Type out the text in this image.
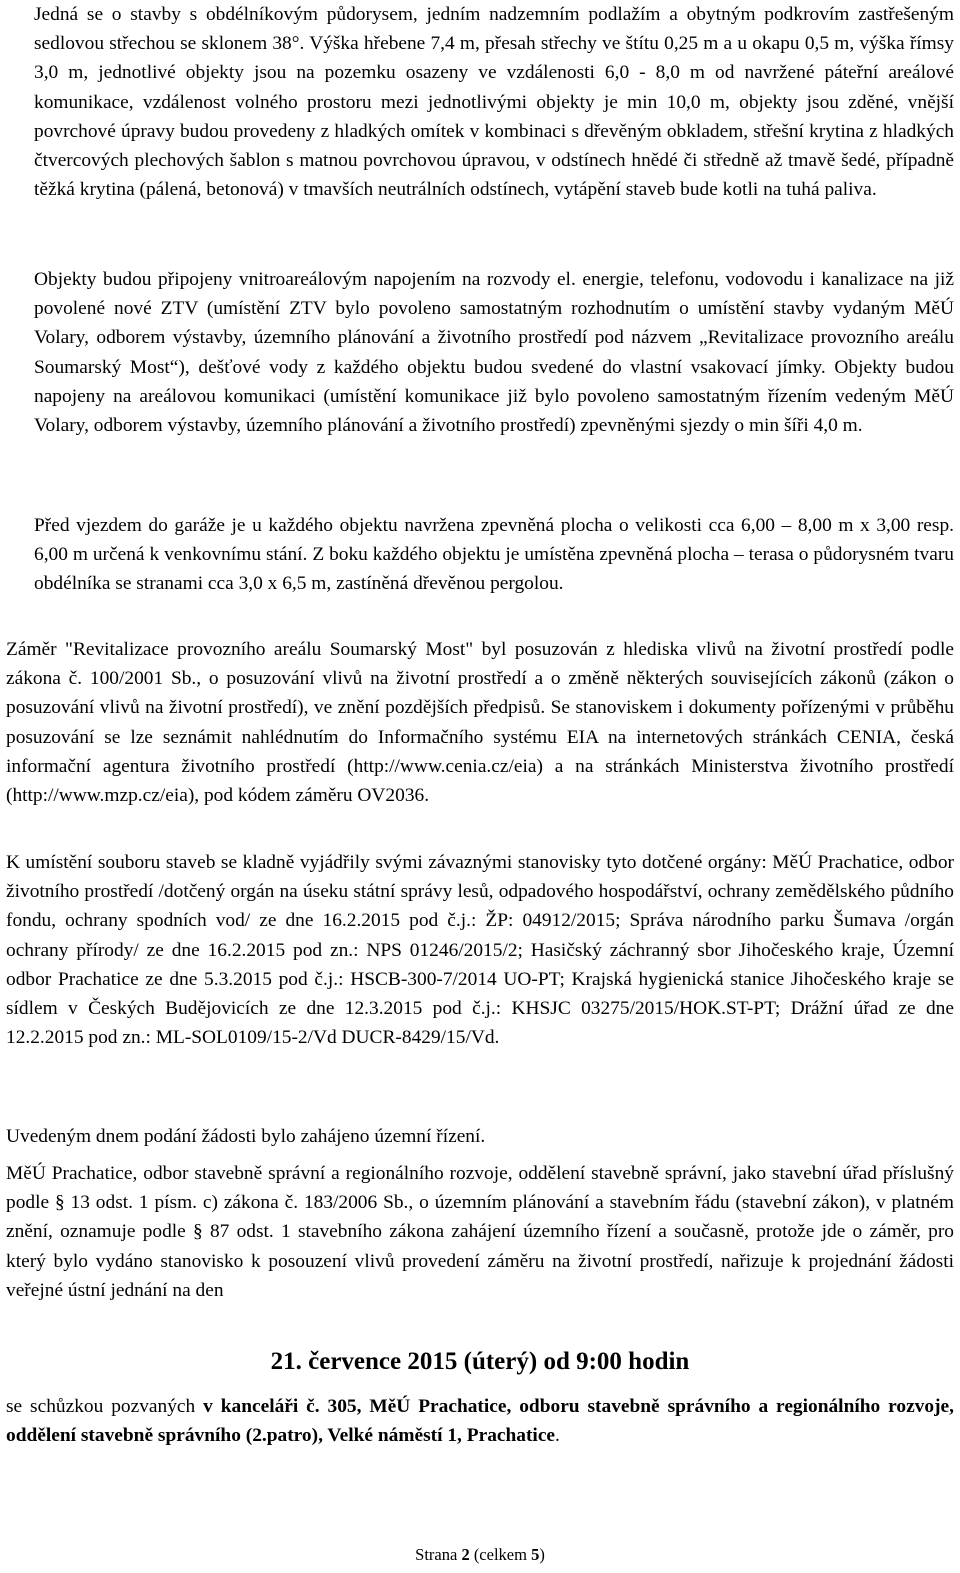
Jedná se o stavby s obdélníkovým půdorysem, jedním nadzemním podlažím a obytným podkrovím zastřešeným sedlovou střechou se sklonem 38°. Výška hřebene 7,4 m, přesah střechy ve štítu 0,25 m a u okapu 0,5 m, výška římsy 3,0 m, jednotlivé objekty jsou na pozemku osazeny ve vzdálenosti 6,0 - 8,0 m od navržené páteřní areálové komunikace, vzdálenost volného prostoru mezi jednotlivými objekty je min 10,0 m, objekty jsou zděné, vnější povrchové úpravy budou provedeny z hladkých omítek v kombinaci s dřevěným obkladem, střešní krytina z hladkých čtvercových plechových šablon s matnou povrchovou úpravou, v odstínech hnědé či středně až tmavě šedé, případně těžká krytina (pálená, betonová) v tmavších neutrálních odstínech, vytápění staveb bude kotli na tuhá paliva.

Objekty budou připojeny vnitroareálovým napojením na rozvody el. energie, telefonu, vodovodu i kanalizace na již povolené nové ZTV (umístění ZTV bylo povoleno samostatným rozhodnutím o umístění stavby vydaným MěÚ Volary, odborem výstavby, územního plánování a životního prostředí pod názvem „Revitalizace provozního areálu Soumarský Most“), dešťové vody z každého objektu budou svedené do vlastní vsakovací jímky. Objekty budou napojeny na areálovou komunikaci (umístění komunikace již bylo povoleno samostatným řízením vedeným MěÚ Volary, odborem výstavby, územního plánování a životního prostředí) zpevněnými sjezdy o min šíři 4,0 m.

Před vjezdem do garáže je u každého objektu navržena zpevněná plocha o velikosti cca 6,00 – 8,00 m x 3,00 resp. 6,00 m určená k venkovnímu stání. Z boku každého objektu je umístěna zpevněná plocha – terasa o půdorysném tvaru obdélníka se stranami cca 3,0 x 6,5 m, zastíněná dřevěnou pergolou.

Záměr "Revitalizace provozního areálu Soumarský Most" byl posuzován z hlediska vlivů na životní prostředí podle zákona č. 100/2001 Sb., o posuzování vlivů na životní prostředí a o změně některých souvisejících zákonů (zákon o posuzování vlivů na životní prostředí), ve znění pozdějších předpisů. Se stanoviskem i dokumenty pořízenými v průběhu posuzování se lze seznámit nahlédnutím do Informačního systému EIA na internetových stránkách CENIA, česká informační agentura životního prostředí (http://www.cenia.cz/eia) a na stránkách Ministerstva životního prostředí (http://www.mzp.cz/eia), pod kódem záměru OV2036.

K umístění souboru staveb se kladně vyjádřily svými závaznými stanovisky tyto dotčené orgány: MěÚ Prachatice, odbor životního prostředí /dotčený orgán na úseku státní správy lesů, odpadového hospodářství, ochrany zemědělského půdního fondu, ochrany spodních vod/ ze dne 16.2.2015 pod č.j.: ŽP: 04912/2015; Správa národního parku Šumava /orgán ochrany přírody/ ze dne 16.2.2015 pod zn.: NPS 01246/2015/2; Hasičský záchranný sbor Jihočeského kraje, Územní odbor Prachatice ze dne 5.3.2015 pod č.j.: HSCB-300-7/2014 UO-PT; Krajská hygienická stanice Jihočeského kraje se sídlem v Českých Budějovicích ze dne 12.3.2015 pod č.j.: KHSJC 03275/2015/HOK.ST-PT; Drážní úřad ze dne 12.2.2015 pod zn.: ML-SOL0109/15-2/Vd DUCR-8429/15/Vd.

Uvedeným dnem podání žádosti bylo zahájeno územní řízení.

MěÚ Prachatice, odbor stavebně správní a regionálního rozvoje, oddělení stavebně správní, jako stavební úřad příslušný podle § 13 odst. 1 písm. c) zákona č. 183/2006 Sb., o územním plánování a stavebním řádu (stavební zákon), v platném znění, oznamuje podle § 87 odst. 1 stavebního zákona zahájení územního řízení a současně, protože jde o záměr, pro který bylo vydáno stanovisko k posouzení vlivů provedení záměru na životní prostředí, nařizuje k projednání žádosti veřejné ústní jednání na den

21. července 2015 (úterý) od 9:00 hodin

se schůzkou pozvaných v kanceláři č. 305, MěÚ Prachatice, odboru stavebně správního a regionálního rozvoje, oddělení stavebně správního (2.patro), Velké náměstí 1, Prachatice.

Strana 2 (celkem 5)
